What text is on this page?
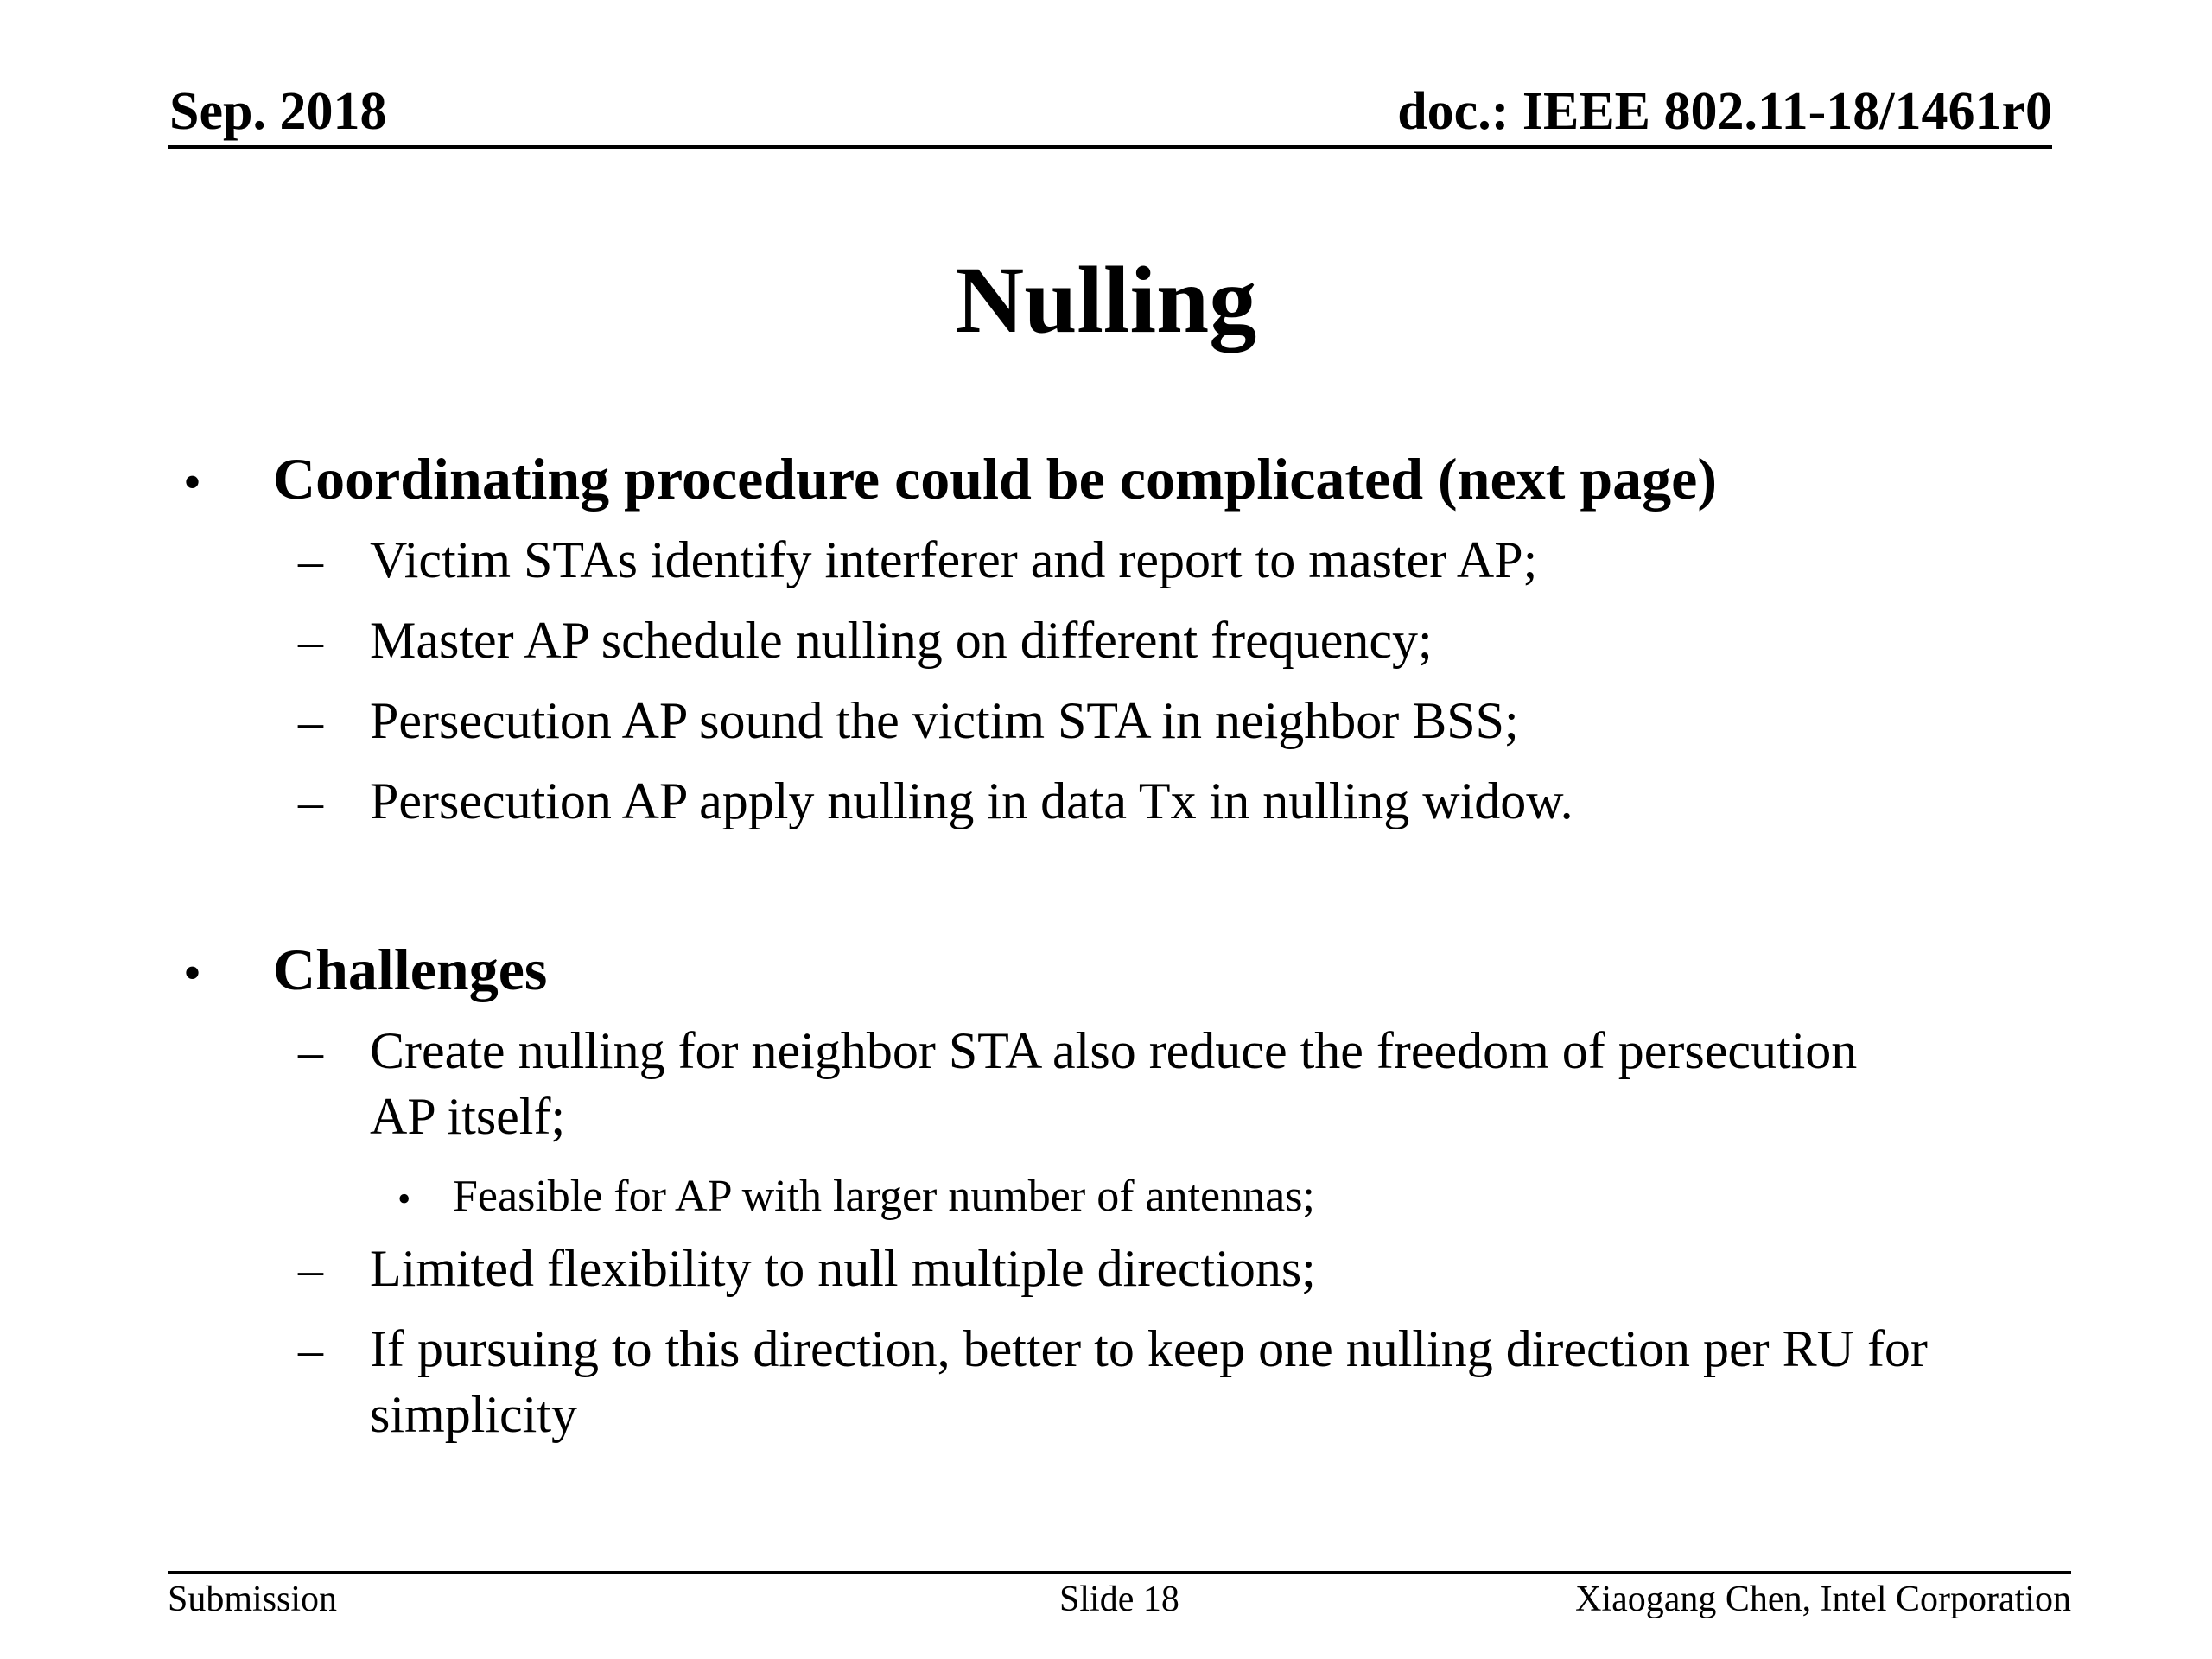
Sep. 2018	doc.: IEEE 802.11-18/1461r0
Nulling
• Coordinating procedure could be complicated (next page)
– Victim STAs identify interferer and report to master AP;
– Master AP schedule nulling on different frequency;
– Persecution AP sound the victim STA in neighbor BSS;
– Persecution AP apply nulling in data Tx in nulling widow.
• Challenges
– Create nulling for neighbor STA also reduce the freedom of persecution
AP itself;
• Feasible for AP with larger number of antennas;
– Limited flexibility to null multiple directions;
– If pursuing to this direction, better to keep one nulling direction per RU for
simplicity
Submission	Slide 18	Xiaogang Chen, Intel Corporation
